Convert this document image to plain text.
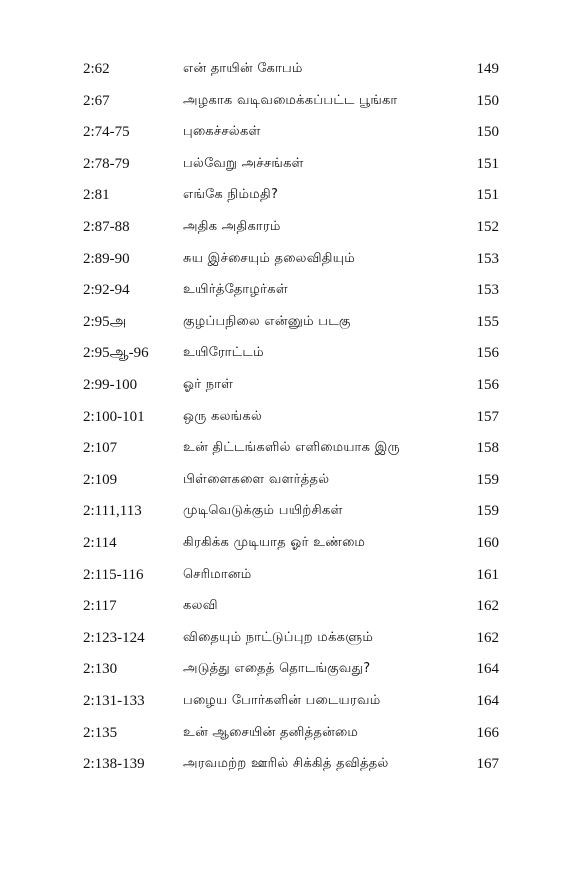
2:62	என் தாயின் கோபம்	149
2:67	அழகாக வடிவமைக்கப்பட்ட பூங்கா	150
2:74-75	புகைச்சல்கள்	150
2:78-79	பல்வேறு அச்சங்கள்	151
2:81	எங்கே நிம்மதி?	151
2:87-88	அதிக அதிகாரம்	152
2:89-90	சுய இச்சையும் தலைவிதியும்	153
2:92-94	உயிர்த்தோழர்கள்	153
2:95அ	குழப்பநிலை என்னும் படகு	155
2:95ஆ-96	உயிரோட்டம்	156
2:99-100	ஓர் நாள்	156
2:100-101	ஒரு கலங்கல்	157
2:107	உன் திட்டங்களில் எளிமையாக இரு	158
2:109	பிள்ளைகளை வளர்த்தல்	159
2:111,113	முடிவெடுக்கும் பயிற்சிகள்	159
2:114	கிரகிக்க முடியாத ஓர் உண்மை	160
2:115-116	செரிமானம்	161
2:117	கலவி	162
2:123-124	விதையும் நாட்டுப்புற மக்களும்	162
2:130	அடுத்து எதைத் தொடங்குவது?	164
2:131-133	பழைய போர்களின் படையரவம்	164
2:135	உன் ஆசையின் தனித்தன்மை	166
2:138-139	அரவமற்ற ஊரில் சிக்கித் தவித்தல்	167
